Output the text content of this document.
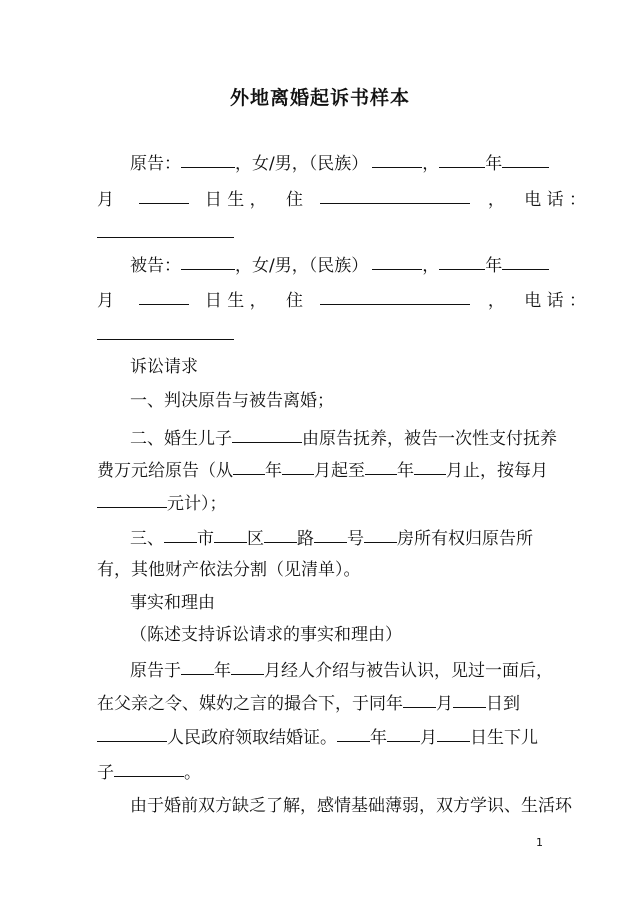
外地离婚起诉书样本
原告：	，女/男，（民族）	，	年
月	日 生 ， 住	， 电 话 ：
被告：	，女/男，（民族）	，	年
月	日 生 ， 住	， 电 话 ：
诉讼请求
一、判决原告与被告离婚；
二、婚生儿子	由原告抚养，被告一次性支付抚养
费万元给原告（从 年 月起至 年 月止，按每月
元计）；
三、 市 区 路 号 房所有权归原告所
有，其他财产依法分割（见清单）。
事实和理由
（陈述支持诉讼请求的事实和理由）
原告于 年 月经人介绍与被告认识，见过一面后，
在父亲之令、媒妁之言的撮合下，于同年 月 日到
人民政府领取结婚证。 年 月 日生下儿
子	。
由于婚前双方缺乏了解，感情基础薄弱，双方学识、生活环
1
